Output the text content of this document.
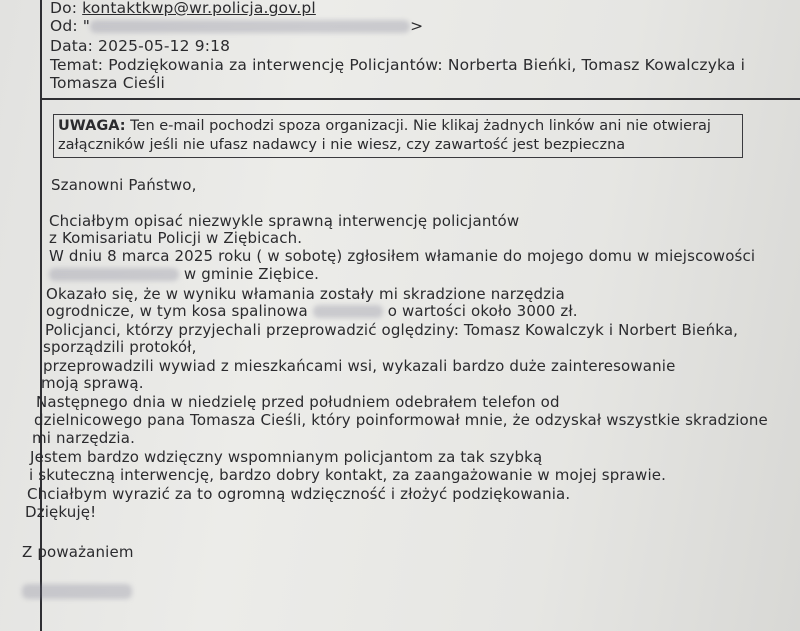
Do: kontaktkwp@wr.policja.gov.pl
Od: "	>
Data: 2025-05-12 9:18
Temat: Podziękowania za interwencję Policjantów: Norberta Bieńki, Tomasz Kowalczyka i
Tomasza Cieśli
UWAGA: Ten e-mail pochodzi spoza organizacji. Nie klikaj żadnych linków ani nie otwieraj
załączników jeśli nie ufasz nadawcy i nie wiesz, czy zawartość jest bezpieczna
Szanowni Państwo,
Chciałbym opisać niezwykle sprawną interwencję policjantów
z Komisariatu Policji w Ziębicach.
W dniu 8 marca 2025 roku ( w sobotę) zgłosiłem włamanie do mojego domu w miejscowości
w gminie Ziębice.
Okazało się, że w wyniku włamania zostały mi skradzione narzędzia
ogrodnicze, w tym kosa spalinowa	o wartości około 3000 zł.
Policjanci, którzy przyjechali przeprowadzić oględziny: Tomasz Kowalczyk i Norbert Bieńka,
sporządzili protokół,
przeprowadzili wywiad z mieszkańcami wsi, wykazali bardzo duże zainteresowanie
moją sprawą.
Następnego dnia w niedzielę przed południem odebrałem telefon od
dzielnicowego pana Tomasza Cieśli, który poinformował mnie, że odzyskał wszystkie skradzione
mi narzędzia.
Jestem bardzo wdzięczny wspomnianym policjantom za tak szybką
i skuteczną interwencję, bardzo dobry kontakt, za zaangażowanie w mojej sprawie.
Chciałbym wyrazić za to ogromną wdzięczność i złożyć podziękowania.
Dziękuję!
Z poważaniem
